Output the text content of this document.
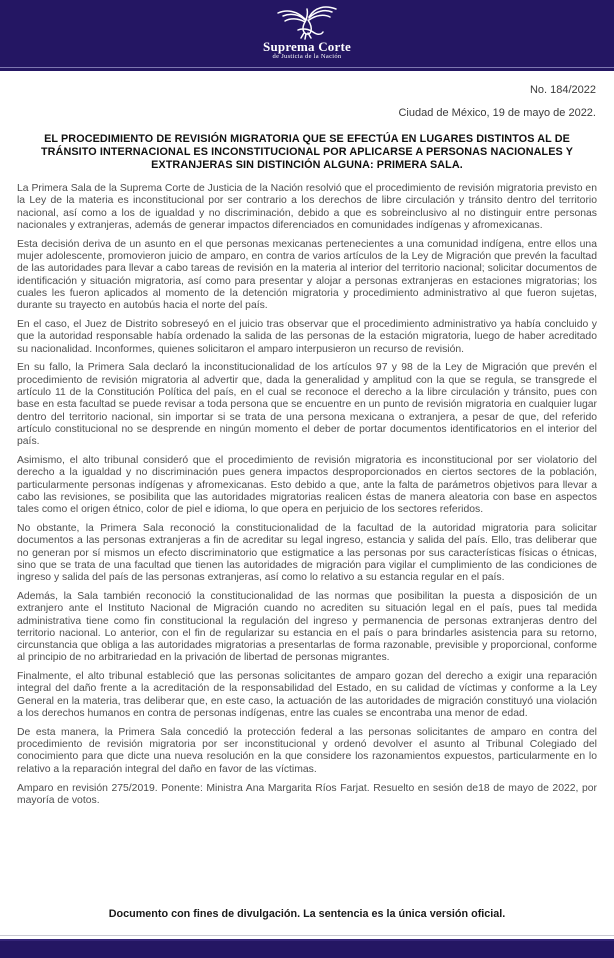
Suprema Corte
de Justicia de la Nación
No. 184/2022
Ciudad de México, 19 de mayo de 2022.
EL PROCEDIMIENTO DE REVISIÓN MIGRATORIA QUE SE EFECTÚA EN LUGARES DISTINTOS AL DE TRÁNSITO INTERNACIONAL ES INCONSTITUCIONAL POR APLICARSE A PERSONAS NACIONALES Y EXTRANJERAS SIN DISTINCIÓN ALGUNA: PRIMERA SALA.

La Primera Sala de la Suprema Corte de Justicia de la Nación resolvió que el procedimiento de revisión migratoria previsto en la Ley de la materia es inconstitucional por ser contrario a los derechos de libre circulación y tránsito dentro del territorio nacional, así como a los de igualdad y no discriminación, debido a que es sobreinclusivo al no distinguir entre personas nacionales y extranjeras, además de generar impactos diferenciados en comunidades indígenas y afromexicanas.

Esta decisión deriva de un asunto en el que personas mexicanas pertenecientes a una comunidad indígena, entre ellos una mujer adolescente, promovieron juicio de amparo, en contra de varios artículos de la Ley de Migración que prevén la facultad de las autoridades para llevar a cabo tareas de revisión en la materia al interior del territorio nacional; solicitar documentos de identificación y situación migratoria, así como para presentar y alojar a personas extranjeras en estaciones migratorias; los cuales les fueron aplicados al momento de la detención migratoria y procedimiento administrativo al que fueron sujetas, durante su trayecto en autobús hacia el norte del país.

En el caso, el Juez de Distrito sobreseyó en el juicio tras observar que el procedimiento administrativo ya había concluido y que la autoridad responsable había ordenado la salida de las personas de la estación migratoria, luego de haber acreditado su nacionalidad. Inconformes, quienes solicitaron el amparo interpusieron un recurso de revisión.

En su fallo, la Primera Sala declaró la inconstitucionalidad de los artículos 97 y 98 de la Ley de Migración que prevén el procedimiento de revisión migratoria al advertir que, dada la generalidad y amplitud con la que se regula, se transgrede el artículo 11 de la Constitución Política del país, en el cual se reconoce el derecho a la libre circulación y tránsito, pues con base en esta facultad se puede revisar a toda persona que se encuentre en un punto de revisión migratoria en cualquier lugar dentro del territorio nacional, sin importar si se trata de una persona mexicana o extranjera, a pesar de que, del referido artículo constitucional no se desprende en ningún momento el deber de portar documentos identificatorios en el interior del país.

Asimismo, el alto tribunal consideró que el procedimiento de revisión migratoria es inconstitucional por ser violatorio del derecho a la igualdad y no discriminación pues genera impactos desproporcionados en ciertos sectores de la población, particularmente personas indígenas y afromexicanas. Esto debido a que, ante la falta de parámetros objetivos para llevar a cabo las revisiones, se posibilita que las autoridades migratorias realicen éstas de manera aleatoria con base en aspectos tales como el origen étnico, color de piel e idioma, lo que opera en perjuicio de los sectores referidos.

No obstante, la Primera Sala reconoció la constitucionalidad de la facultad de la autoridad migratoria para solicitar documentos a las personas extranjeras a fin de acreditar su legal ingreso, estancia y salida del país. Ello, tras deliberar que no generan por sí mismos un efecto discriminatorio que estigmatice a las personas por sus características físicas o étnicas, sino que se trata de una facultad que tienen las autoridades de migración para vigilar el cumplimiento de las condiciones de ingreso y salida del país de las personas extranjeras, así como lo relativo a su estancia regular en el país.

Además, la Sala también reconoció la constitucionalidad de las normas que posibilitan la puesta a disposición de un extranjero ante el Instituto Nacional de Migración cuando no acrediten su situación legal en el país, pues tal medida administrativa tiene como fin constitucional la regulación del ingreso y permanencia de personas extranjeras dentro del territorio nacional. Lo anterior, con el fin de regularizar su estancia en el país o para brindarles asistencia para su retorno, circunstancia que obliga a las autoridades migratorias a presentarlas de forma razonable, previsible y proporcional, conforme al principio de no arbitrariedad en la privación de libertad de personas migrantes.

Finalmente, el alto tribunal estableció que las personas solicitantes de amparo gozan del derecho a exigir una reparación integral del daño frente a la acreditación de la responsabilidad del Estado, en su calidad de víctimas y conforme a la Ley General en la materia, tras deliberar que, en este caso, la actuación de las autoridades de migración constituyó una violación a los derechos humanos en contra de personas indígenas, entre las cuales se encontraba una menor de edad.

De esta manera, la Primera Sala concedió la protección federal a las personas solicitantes de amparo en contra del procedimiento de revisión migratoria por ser inconstitucional y ordenó devolver el asunto al Tribunal Colegiado del conocimiento para que dicte una nueva resolución en la que considere los razonamientos expuestos, particularmente en lo relativo a la reparación integral del daño en favor de las víctimas.

Amparo en revisión 275/2019. Ponente: Ministra Ana Margarita Ríos Farjat. Resuelto en sesión de18 de mayo de 2022, por mayoría de votos.

Documento con fines de divulgación. La sentencia es la única versión oficial.
